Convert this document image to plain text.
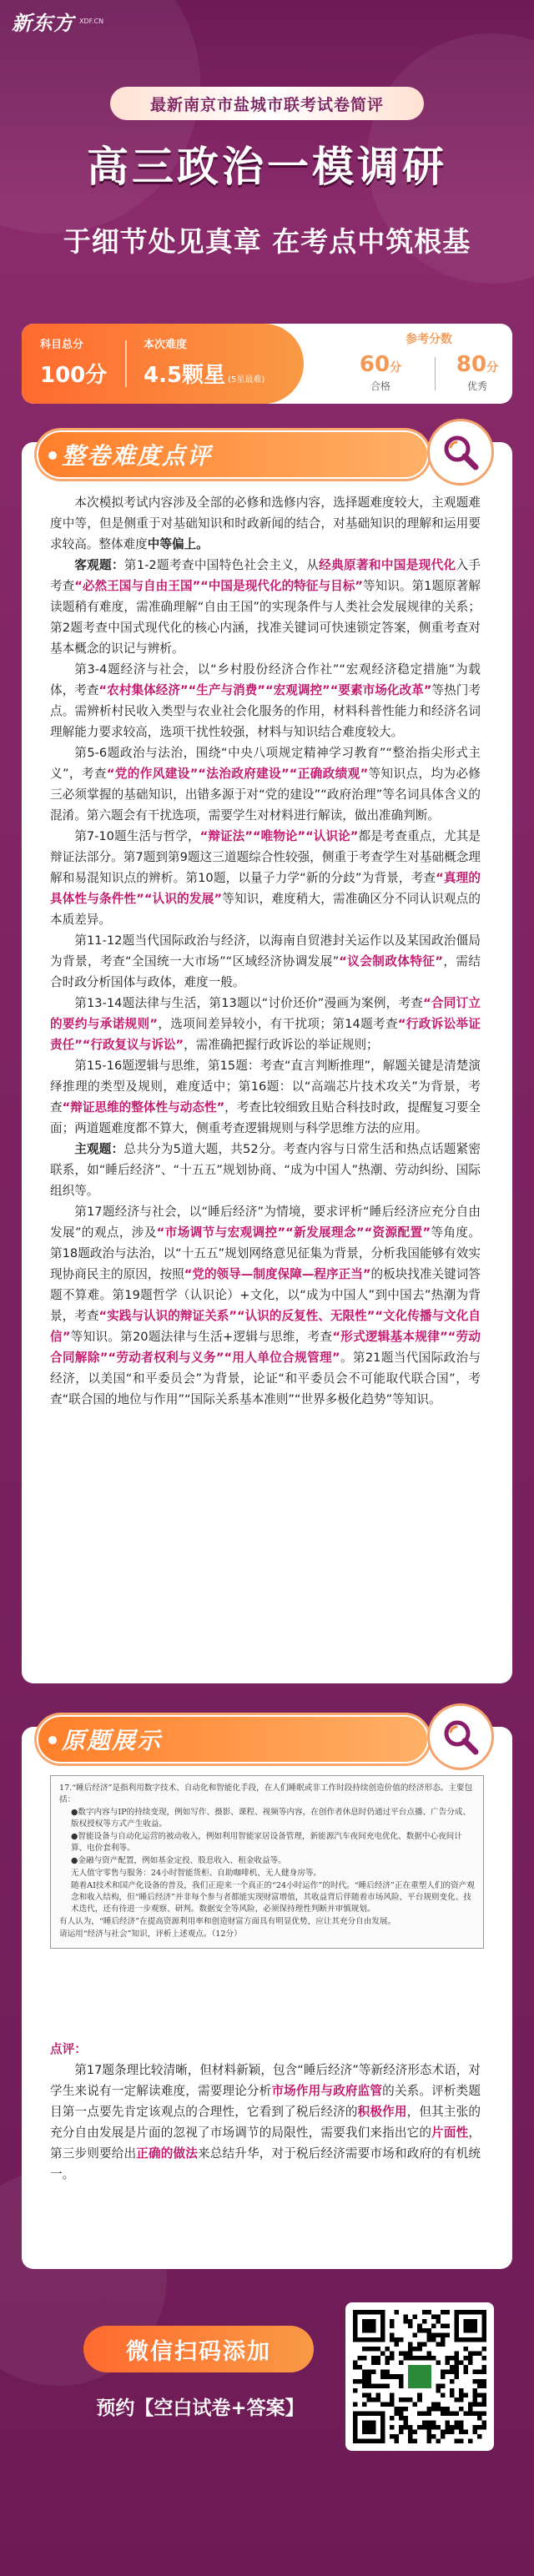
新东方 XDF.CN
最新南京市盐城市联考试卷简评
高三政治一模调研
于细节处见真章 在考点中筑根基
科目总分
100分
本次难度
4.5颗星 (5星最难)
参考分数
60分
合格
80分
优秀
整卷难度点评

本次模拟考试内容涉及全部的必修和选修内容，选择题难度较大，主观题难度中等，但是侧重于对基础知识和时政新闻的结合，对基础知识的理解和运用要求较高。整体难度中等偏上。

客观题：第1-2题考查中国特色社会主义，从经典原著和中国是现代化入手考查“必然王国与自由王国”“中国是现代化的特征与目标”等知识。第1题原著解读题稍有难度，需准确理解“自由王国”的实现条件与人类社会发展规律的关系；第2题考查中国式现代化的核心内涵，找准关键词可快速锁定答案，侧重考查对基本概念的识记与辨析。

第3-4题经济与社会，以“乡村股份经济合作社”“宏观经济稳定措施”为载体，考查“农村集体经济”“生产与消费”“宏观调控”“要素市场化改革”等热门考点。需辨析村民收入类型与农业社会化服务的作用，材料科普性能力和经济名词理解能力要求较高，选项干扰性较强，材料与知识结合难度较大。

第5-6题政治与法治，围绕“中央八项规定精神学习教育”“整治指尖形式主义”，考查“党的作风建设”“法治政府建设”“正确政绩观”等知识点，均为必修三必须掌握的基础知识，出错多源于对“党的建设”“政府治理”等名词具体含义的混淆。第六题会有干扰选项，需要学生对材料进行解读，做出准确判断。

第7-10题生活与哲学，“辩证法”“唯物论”“认识论”都是考查重点，尤其是辩证法部分。第7题到第9题这三道题综合性较强，侧重于考查学生对基础概念理解和易混知识点的辨析。第10题，以量子力学“新的分歧”为背景，考查“真理的具体性与条件性”“认识的发展”等知识，难度稍大，需准确区分不同认识观点的本质差异。

第11-12题当代国际政治与经济，以海南自贸港封关运作以及某国政治僵局为背景，考查“全国统一大市场”“区域经济协调发展”“议会制政体特征”，需结合时政分析国体与政体，难度一般。

第13-14题法律与生活，第13题以“讨价还价”漫画为案例，考查“合同订立的要约与承诺规则”，选项间差异较小，有干扰项；第14题考查“行政诉讼举证责任”“行政复议与诉讼”，需准确把握行政诉讼的举证规则；

第15-16题逻辑与思维，第15题：考查“直言判断推理”，解题关键是清楚演绎推理的类型及规则，难度适中；第16题：以“高端芯片技术攻关”为背景，考查“辩证思维的整体性与动态性”，考查比较细致且贴合科技时政，提醒复习要全面；两道题难度都不算大，侧重考查逻辑规则与科学思维方法的应用。

主观题：总共分为5道大题，共52分。考查内容与日常生活和热点话题紧密联系，如“睡后经济”、“十五五”规划协商、“成为中国人”热潮、劳动纠纷、国际组织等。

第17题经济与社会，以“睡后经济”为情境，要求评析“睡后经济应充分自由发展”的观点，涉及“市场调节与宏观调控”“新发展理念”“资源配置”等角度。第18题政治与法治，以“十五五”规划网络意见征集为背景，分析我国能够有效实现协商民主的原因，按照“党的领导—制度保障—程序正当”的板块找准关键词答题不算难。第19题哲学（认识论）+文化，以“成为中国人”到中国去”热潮为背景，考查“实践与认识的辩证关系”“认识的反复性、无限性”“文化传播与文化自信”等知识。第20题法律与生活+逻辑与思维，考查“形式逻辑基本规律”“劳动合同解除”“劳动者权利与义务”“用人单位合规管理”。第21题当代国际政治与经济，以美国“和平委员会”为背景，论证“和平委员会不可能取代联合国”，考查“联合国的地位与作用”“国际关系基本准则”“世界多极化趋势”等知识。

原题展示
17.“睡后经济”是指利用数字技术、自动化和智能化手段，在人们睡眠或非工作时段持续创造价值的经济形态。主要包括：
●数字内容与IP的持续变现，例如写作、摄影、课程、视频等内容，在创作者休息时仍通过平台点播、广告分成、版权授权等方式产生收益。
●智能设备与自动化运营的被动收入，例如利用智能家居设备管理，新能源汽车夜间充电优化、数据中心夜间计算、电价套利等。
●金融与资产配置，例如基金定投、股息收入、租金收益等。
无人值守零售与服务：24小时智能货柜、自助咖啡机、无人健身房等。
随着AI技术和国产化设备的普及，我们正迎来一个真正的“24小时运作”的时代。“睡后经济”正在重塑人们的资产观念和收入结构，但“睡后经济”并非每个参与者都能实现财富增值，其收益背后伴随着市场风险、平台规则变化、技术迭代，还有待进一步观察、研判。数据安全等风险，必须保持理性判断并审慎规划。
有人认为，“睡后经济”在提高资源利用率和创造财富方面具有明显优势，应让其充分自由发展。
请运用“经济与社会”知识，评析上述观点。（12分）
点评：

第17题条理比较清晰，但材料新颖，包含“睡后经济”等新经济形态术语，对学生来说有一定解读难度，需要理论分析市场作用与政府监管的关系。评析类题目第一点要先肯定该观点的合理性，它看到了税后经济的积极作用，但其主张的充分自由发展是片面的忽视了市场调节的局限性，需要我们来指出它的片面性，第三步则要给出正确的做法来总结升华，对于税后经济需要市场和政府的有机统一。

微信扫码添加
预约【空白试卷+答案】
